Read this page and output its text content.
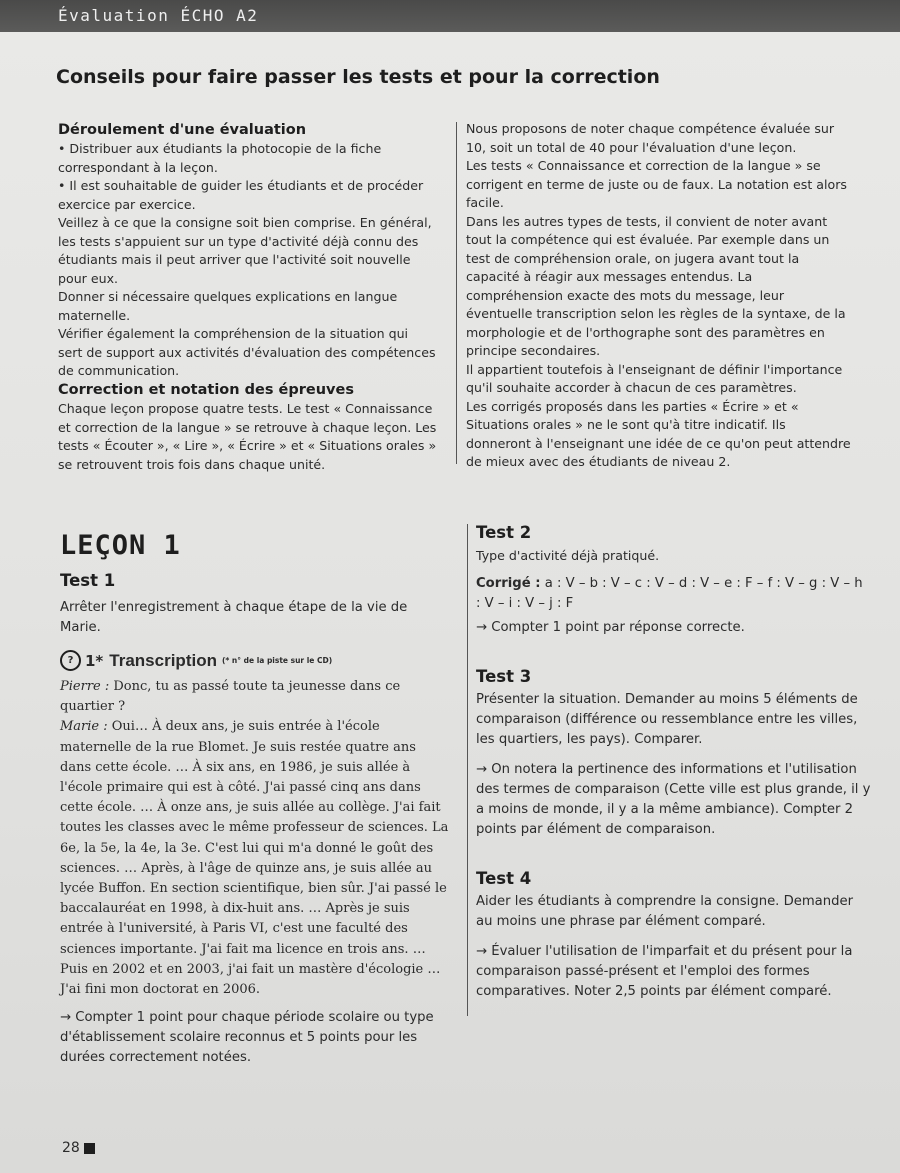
Évaluation ÉCHO A2
Conseils pour faire passer les tests et pour la correction
Déroulement d'une évaluation

• Distribuer aux étudiants la photocopie de la fiche correspondant à la leçon.

• Il est souhaitable de guider les étudiants et de procéder exercice par exercice.

Veillez à ce que la consigne soit bien comprise. En général, les tests s'appuient sur un type d'activité déjà connu des étudiants mais il peut arriver que l'activité soit nouvelle pour eux.

Donner si nécessaire quelques explications en langue maternelle.

Vérifier également la compréhension de la situation qui sert de support aux activités d'évaluation des compétences de communication.

Correction et notation des épreuves

Chaque leçon propose quatre tests. Le test « Connaissance et correction de la langue » se retrouve à chaque leçon. Les tests « Écouter », « Lire », « Écrire » et « Situations orales » se retrouvent trois fois dans chaque unité.

Nous proposons de noter chaque compétence évaluée sur 10, soit un total de 40 pour l'évaluation d'une leçon.

Les tests « Connaissance et correction de la langue » se corrigent en terme de juste ou de faux. La notation est alors facile.

Dans les autres types de tests, il convient de noter avant tout la compétence qui est évaluée. Par exemple dans un test de compréhension orale, on jugera avant tout la capacité à réagir aux messages entendus. La compréhension exacte des mots du message, leur éventuelle transcription selon les règles de la syntaxe, de la morphologie et de l'orthographe sont des paramètres en principe secondaires.

Il appartient toutefois à l'enseignant de définir l'importance qu'il souhaite accorder à chacun de ces paramètres.

Les corrigés proposés dans les parties « Écrire » et « Situations orales » ne le sont qu'à titre indicatif. Ils donneront à l'enseignant une idée de ce qu'on peut attendre de mieux avec des étudiants de niveau 2.

LEÇON 1
Test 1

Arrêter l'enregistrement à chaque étape de la vie de Marie.

? 1* Transcription (* n° de la piste sur le CD)

Pierre : Donc, tu as passé toute ta jeunesse dans ce quartier ?

Marie : Oui… À deux ans, je suis entrée à l'école maternelle de la rue Blomet. Je suis restée quatre ans dans cette école. … À six ans, en 1986, je suis allée à l'école primaire qui est à côté. J'ai passé cinq ans dans cette école. … À onze ans, je suis allée au collège. J'ai fait toutes les classes avec le même professeur de sciences. La 6e, la 5e, la 4e, la 3e. C'est lui qui m'a donné le goût des sciences. … Après, à l'âge de quinze ans, je suis allée au lycée Buffon. En section scientifique, bien sûr. J'ai passé le baccalauréat en 1998, à dix-huit ans. … Après je suis entrée à l'université, à Paris VI, c'est une faculté des sciences importante. J'ai fait ma licence en trois ans. … Puis en 2002 et en 2003, j'ai fait un mastère d'écologie … J'ai fini mon doctorat en 2006.

→ Compter 1 point pour chaque période scolaire ou type d'établissement scolaire reconnus et 5 points pour les durées correctement notées.

Test 2

Type d'activité déjà pratiqué.

Corrigé : a : V – b : V – c : V – d : V – e : F – f : V – g : V – h : V – i : V – j : F

→ Compter 1 point par réponse correcte.

Test 3

Présenter la situation. Demander au moins 5 éléments de comparaison (différence ou ressemblance entre les villes, les quartiers, les pays). Comparer.

→ On notera la pertinence des informations et l'utilisation des termes de comparaison (Cette ville est plus grande, il y a moins de monde, il y a la même ambiance). Compter 2 points par élément de comparaison.

Test 4

Aider les étudiants à comprendre la consigne. Demander au moins une phrase par élément comparé.

→ Évaluer l'utilisation de l'imparfait et du présent pour la comparaison passé-présent et l'emploi des formes comparatives. Noter 2,5 points par élément comparé.

28
